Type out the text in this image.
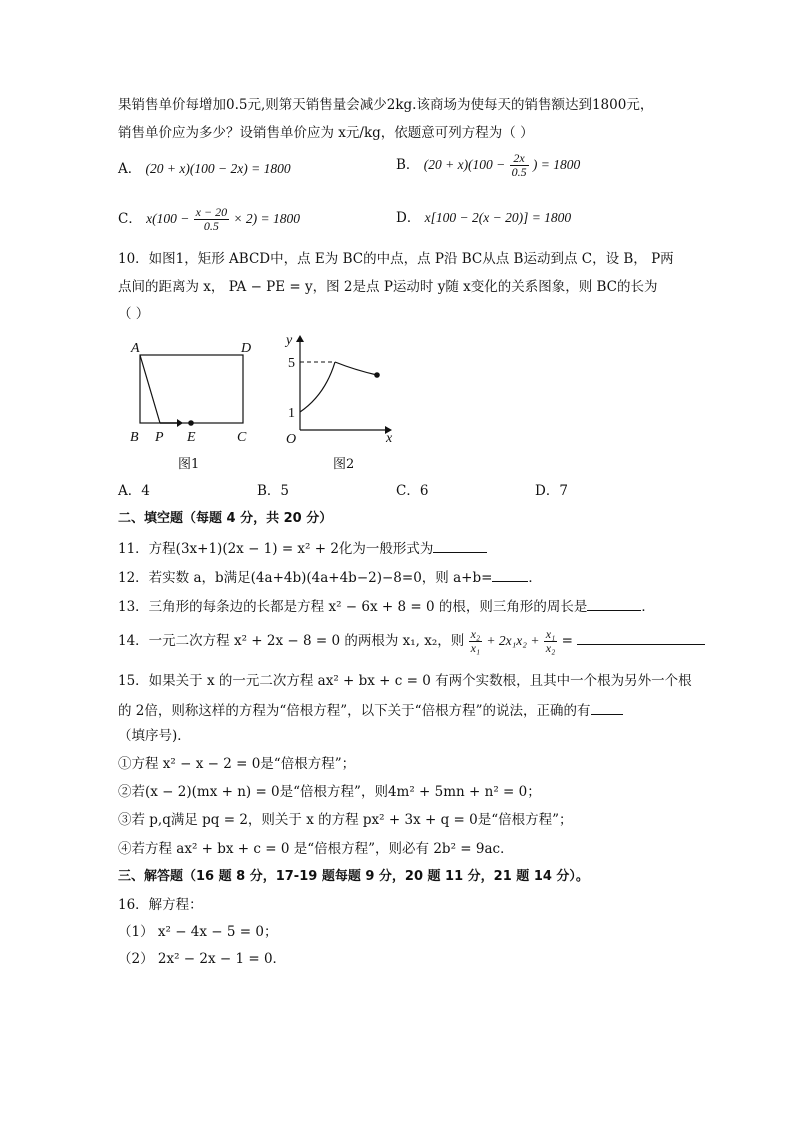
果销售单价每增加0.5元,则第天销售量会减少2kg.该商场为使每天的销售额达到1800元，
销售单价应为多少？设销售单价应为 x元/kg，依题意可列方程为（ ）
A． (20 + x)(100 − 2x) = 1800	B． $(20 + x)(100 - \frac{2x}{0.5}$ ) = 1800
C． $x(100 - \frac{x - 20}{0.5} \times 2) = 1800$	D． x[100 − 2(x − 20)] = 1800
10．如图1，矩形 ABCD中，点 E为 BC的中点，点 P沿 BC从点 B运动到点 C，设 B， P两
点间的距离为 x， PA − PE = y，图 2是点 P运动时 y随 x变化的关系图象，则 BC的长为
（ ）
A	D
B P E	C
图1
y
x
O
5
1
图2
A．4	B．5	C．6	D．7
二、填空题（每题 4 分，共 20 分）
11．方程(3x+1)(2x − 1) = x² + 2化为一般形式为
12．若实数 a，b满足(4a+4b)(4a+4b−2)−8=0，则 a+b=	．
13．三角形的每条边的长都是方程 x² − 6x + 8 = 0 的根，则三角形的周长是	．
14．一元二次方程 x² + 2x − 8 = 0 的两根为 x₁, x₂，则 $\frac{\text{x₂}}{\text{x₁}} + 2x_1x_2 + \frac{\text{x₁}}{\text{x₂}}$ =
15．如果关于 x 的一元二次方程 ax² + bx + c = 0 有两个实数根，且其中一个根为另外一个根
的 2倍，则称这样的方程为“倍根方程”，以下关于“倍根方程”的说法，正确的有
（填序号)．
①方程 x² − x − 2 = 0是“倍根方程”；
②若(x − 2)(mx + n) = 0是“倍根方程”，则4m² + 5mn + n² = 0；
③若 p,q满足 pq = 2，则关于 x 的方程 px² + 3x + q = 0是“倍根方程”；
④若方程 ax² + bx + c = 0 是“倍根方程”，则必有 2b² = 9ac．
三、解答题（16 题 8 分，17-19 题每题 9 分，20 题 11 分，21 题 14 分）。
16．解方程：
（1） x² − 4x − 5 = 0；
（2） 2x² − 2x − 1 = 0．
